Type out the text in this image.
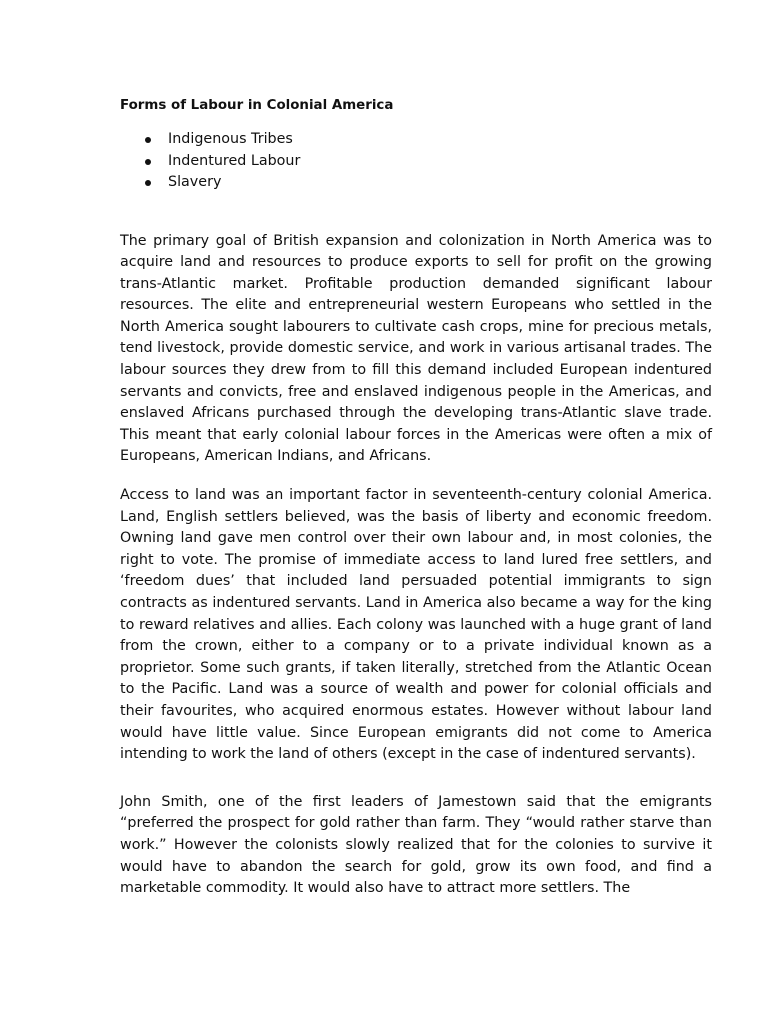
Forms of Labour in Colonial America
Indigenous Tribes
Indentured Labour
Slavery

The primary goal of British expansion and colonization in North America was to acquire land and resources to produce exports to sell for profit on the growing trans-Atlantic market. Profitable production demanded significant labour resources. The elite and entrepreneurial western Europeans who settled in the North America sought labourers to cultivate cash crops, mine for precious metals, tend livestock, provide domestic service, and work in various artisanal trades. The labour sources they drew from to fill this demand included European indentured servants and convicts, free and enslaved indigenous people in the Americas, and enslaved Africans purchased through the developing trans-Atlantic slave trade. This meant that early colonial labour forces in the Americas were often a mix of Europeans, American Indians, and Africans.

Access to land was an important factor in seventeenth-century colonial America. Land, English settlers believed, was the basis of liberty and economic freedom. Owning land gave men control over their own labour and, in most colonies, the right to vote. The promise of immediate access to land lured free settlers, and ‘freedom dues’ that included land persuaded potential immigrants to sign contracts as indentured servants. Land in America also became a way for the king to reward relatives and allies. Each colony was launched with a huge grant of land from the crown, either to a company or to a private individual known as a proprietor. Some such grants, if taken literally, stretched from the Atlantic Ocean to the Pacific. Land was a source of wealth and power for colonial officials and their favourites, who acquired enormous estates. However without labour land would have little value. Since European emigrants did not come to America intending to work the land of others (except in the case of indentured servants).

John Smith, one of the first leaders of Jamestown said that the emigrants “preferred the prospect for gold rather than farm. They “would rather starve than work.” However the colonists slowly realized that for the colonies to survive it would have to abandon the search for gold, grow its own food, and find a marketable commodity. It would also have to attract more settlers. The
